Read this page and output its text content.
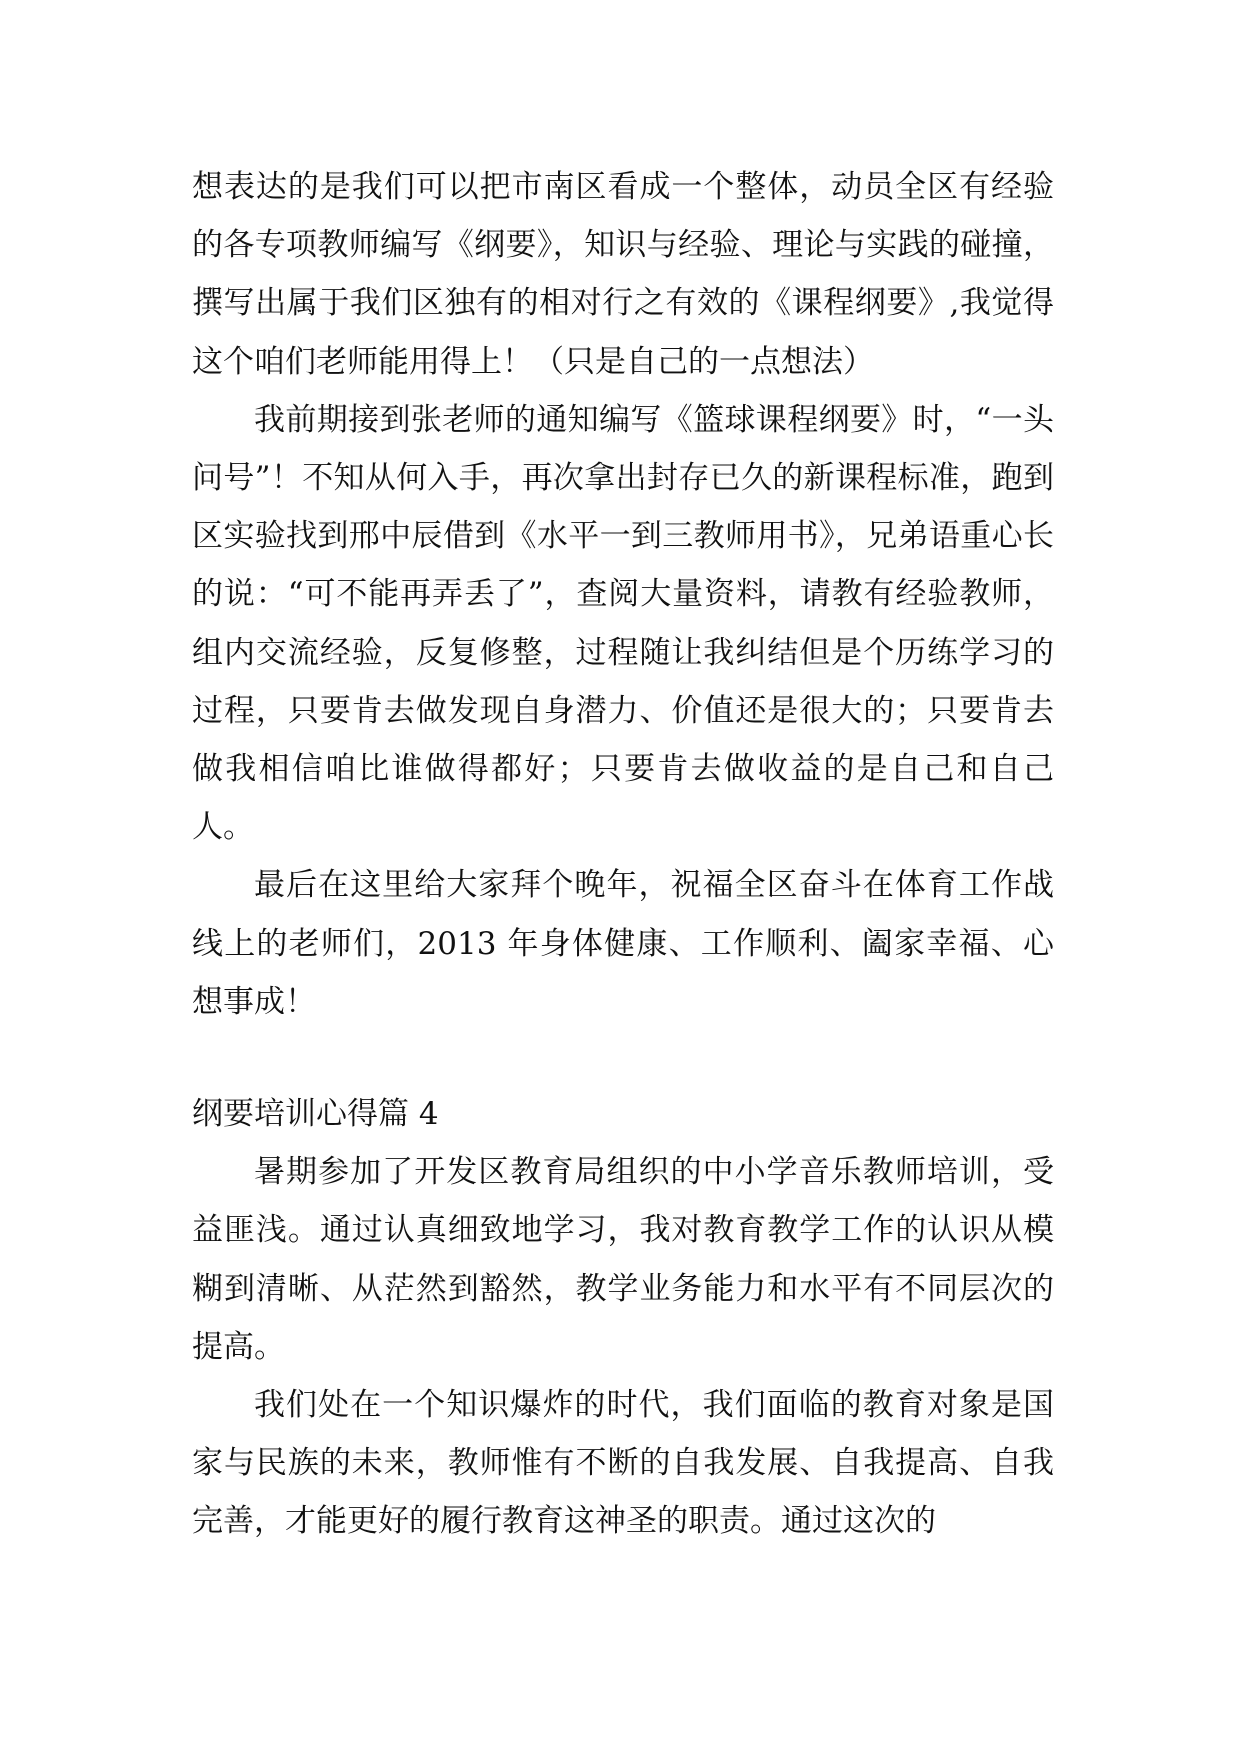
想表达的是我们可以把市南区看成一个整体，动员全区有经验的各专项教师编写《纲要》，知识与经验、理论与实践的碰撞，撰写出属于我们区独有的相对行之有效的《课程纲要》,我觉得这个咱们老师能用得上！（只是自己的一点想法）

我前期接到张老师的通知编写《篮球课程纲要》时，“一头问号”！不知从何入手，再次拿出封存已久的新课程标准，跑到区实验找到邢中辰借到《水平一到三教师用书》，兄弟语重心长的说：“可不能再弄丢了”，查阅大量资料，请教有经验教师，组内交流经验，反复修整，过程随让我纠结但是个历练学习的过程，只要肯去做发现自身潜力、价值还是很大的；只要肯去做我相信咱比谁做得都好；只要肯去做收益的是自己和自己人。

最后在这里给大家拜个晚年，祝福全区奋斗在体育工作战线上的老师们，2013 年身体健康、工作顺利、阖家幸福、心想事成！

纲要培训心得篇 4

暑期参加了开发区教育局组织的中小学音乐教师培训，受益匪浅。通过认真细致地学习，我对教育教学工作的认识从模糊到清晰、从茫然到豁然，教学业务能力和水平有不同层次的提高。

我们处在一个知识爆炸的时代，我们面临的教育对象是国家与民族的未来，教师惟有不断的自我发展、自我提高、自我完善，才能更好的履行教育这神圣的职责。通过这次的
